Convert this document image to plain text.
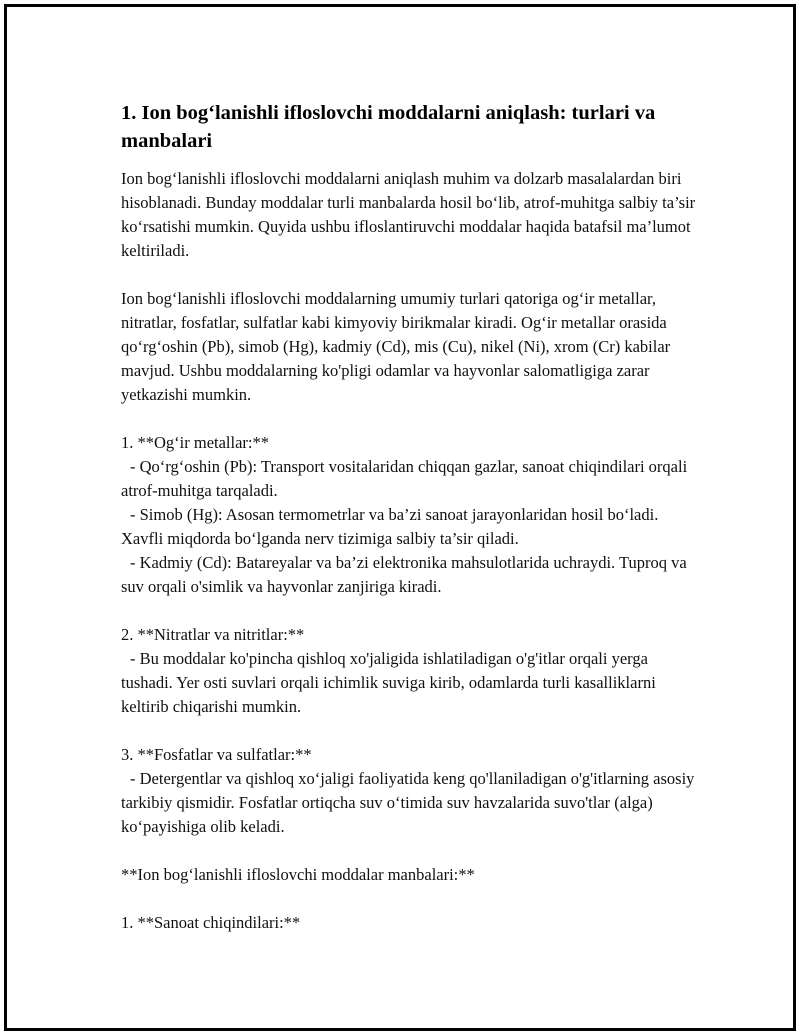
1. Ion bog‘lanishli ifloslovchi moddalarni aniqlash: turlari va manbalari

Ion bog‘lanishli ifloslovchi moddalarni aniqlash muhim va dolzarb masalalardan biri hisoblanadi. Bunday moddalar turli manbalarda hosil bo‘lib, atrof-muhitga salbiy ta’sir ko‘rsatishi mumkin. Quyida ushbu ifloslantiruvchi moddalar haqida batafsil ma’lumot keltiriladi.

Ion bog‘lanishli ifloslovchi moddalarning umumiy turlari qatoriga og‘ir metallar, nitratlar, fosfatlar, sulfatlar kabi kimyoviy birikmalar kiradi. Og‘ir metallar orasida qo‘rg‘oshin (Pb), simob (Hg), kadmiy (Cd), mis (Cu), nikel (Ni), xrom (Cr) kabilar mavjud. Ushbu moddalarning ko'pligi odamlar va hayvonlar salomatligiga zarar yetkazishi mumkin.

1. **Og‘ir metallar:**
- Qo‘rg‘oshin (Pb): Transport vositalaridan chiqqan gazlar, sanoat chiqindilari orqali atrof-muhitga tarqaladi.
- Simob (Hg): Asosan termometrlar va ba’zi sanoat jarayonlaridan hosil bo‘ladi. Xavfli miqdorda bo‘lganda nerv tizimiga salbiy ta’sir qiladi.
- Kadmiy (Cd): Batareyalar va ba’zi elektronika mahsulotlarida uchraydi. Tuproq va suv orqali o'simlik va hayvonlar zanjiriga kiradi.
2. **Nitratlar va nitritlar:**
- Bu moddalar ko'pincha qishloq xo'jaligida ishlatiladigan o'g'itlar orqali yerga tushadi. Yer osti suvlari orqali ichimlik suviga kirib, odamlarda turli kasalliklarni keltirib chiqarishi mumkin.
3. **Fosfatlar va sulfatlar:**
- Detergentlar va qishloq xo‘jaligi faoliyatida keng qo'llaniladigan o'g'itlarning asosiy tarkibiy qismidir. Fosfatlar ortiqcha suv o‘timida suv havzalarida suvo'tlar (alga) ko‘payishiga olib keladi.

**Ion bog‘lanishli ifloslovchi moddalar manbalari:**

1. **Sanoat chiqindilari:**
